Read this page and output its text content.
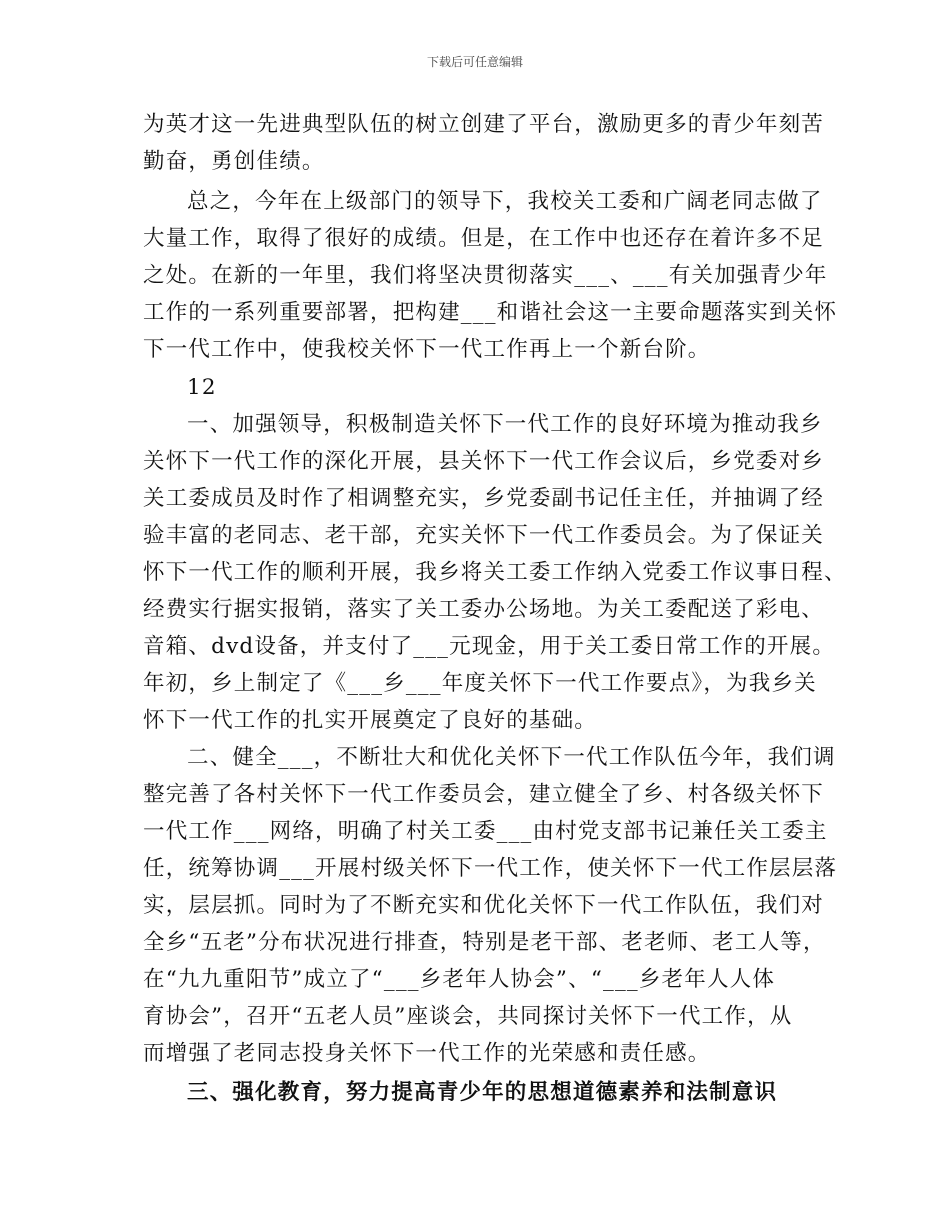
下载后可任意编辑
为英才这一先进典型队伍的树立创建了平台，激励更多的青少年刻苦
勤奋，勇创佳绩。
总之，今年在上级部门的领导下，我校关工委和广阔老同志做了
大量工作，取得了很好的成绩。但是，在工作中也还存在着许多不足
之处。在新的一年里，我们将坚决贯彻落实___、___有关加强青少年
工作的一系列重要部署，把构建___和谐社会这一主要命题落实到关怀
下一代工作中，使我校关怀下一代工作再上一个新台阶。
12
一、加强领导，积极制造关怀下一代工作的良好环境为推动我乡
关怀下一代工作的深化开展，县关怀下一代工作会议后，乡党委对乡
关工委成员及时作了相调整充实，乡党委副书记任主任，并抽调了经
验丰富的老同志、老干部，充实关怀下一代工作委员会。为了保证关
怀下一代工作的顺利开展，我乡将关工委工作纳入党委工作议事日程、
经费实行据实报销，落实了关工委办公场地。为关工委配送了彩电、
音箱、dvd设备，并支付了___元现金，用于关工委日常工作的开展。
年初，乡上制定了《___乡___年度关怀下一代工作要点》，为我乡关
怀下一代工作的扎实开展奠定了良好的基础。
二、健全___，不断壮大和优化关怀下一代工作队伍今年，我们调
整完善了各村关怀下一代工作委员会，建立健全了乡、村各级关怀下
一代工作___网络，明确了村关工委___由村党支部书记兼任关工委主
任，统筹协调___开展村级关怀下一代工作，使关怀下一代工作层层落
实，层层抓。同时为了不断充实和优化关怀下一代工作队伍，我们对
全乡“五老”分布状况进行排查，特别是老干部、老老师、老工人等，
在“九九重阳节”成立了“___乡老年人协会”、“___乡老年人人体
育协会”，召开“五老人员”座谈会，共同探讨关怀下一代工作，从
而增强了老同志投身关怀下一代工作的光荣感和责任感。
三、强化教育，努力提高青少年的思想道德素养和法制意识
